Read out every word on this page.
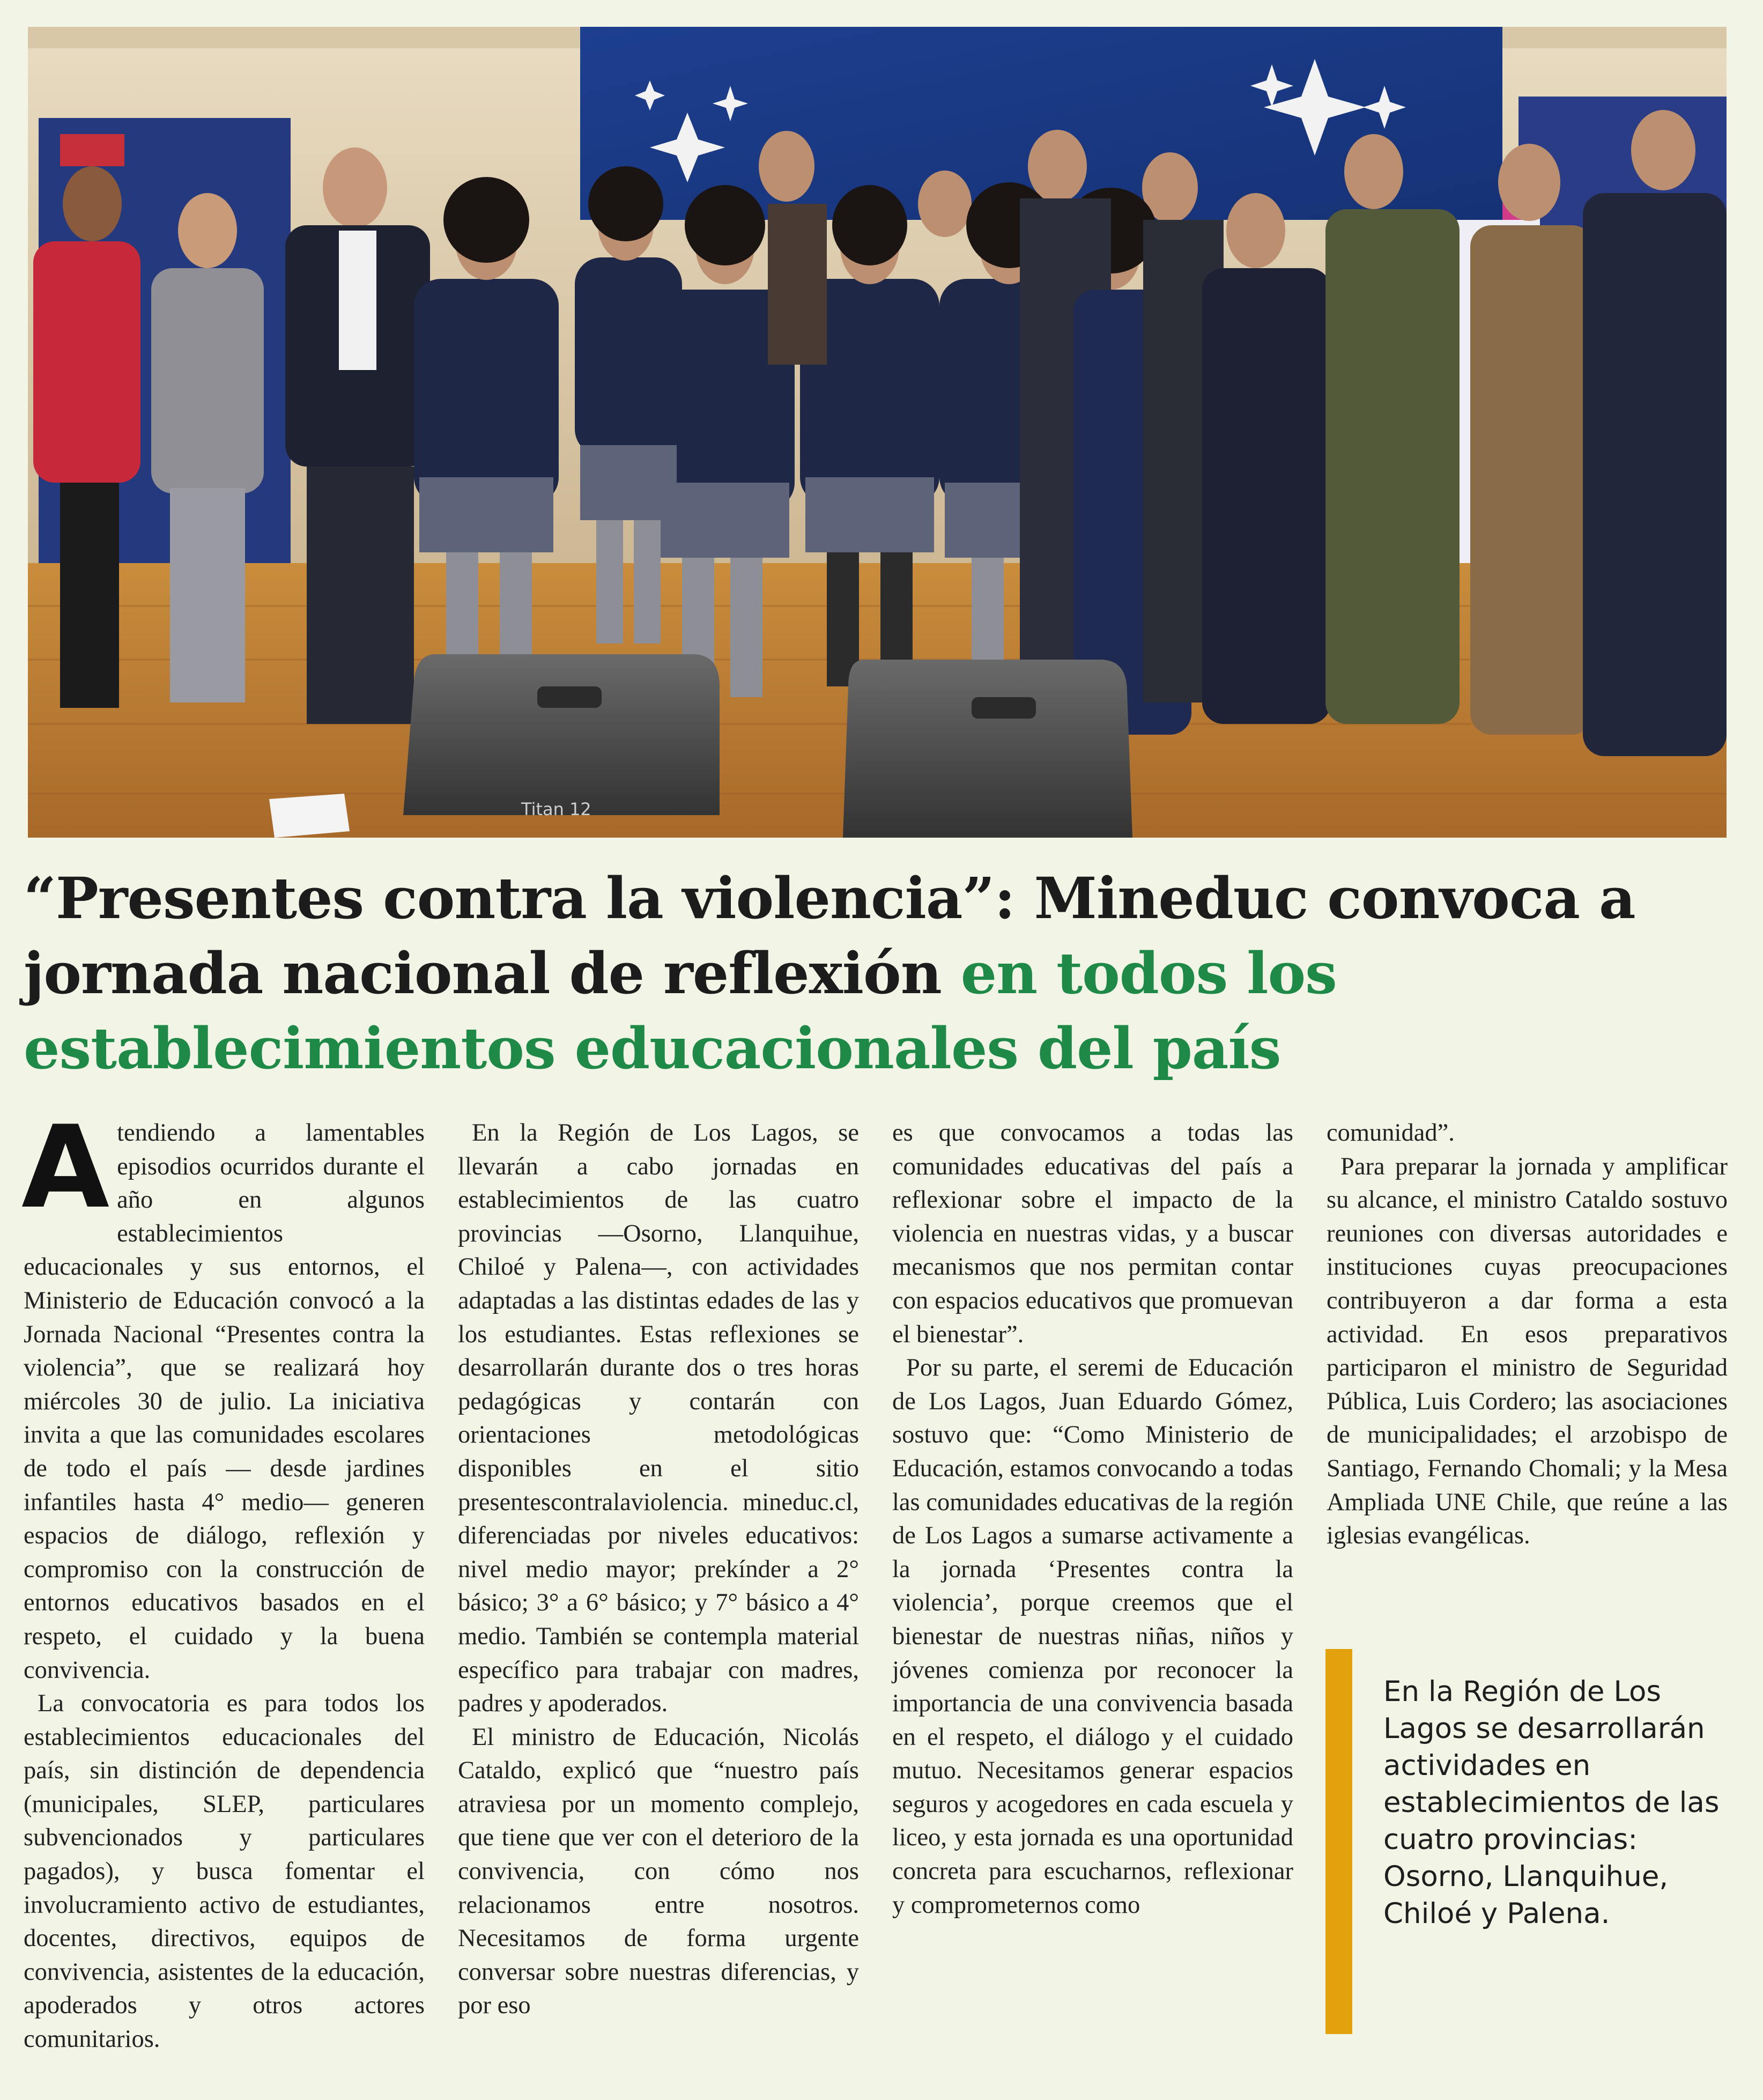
Titan 12
“Presentes contra la violencia”: Mineduc convoca a jornada nacional de reflexión en todos los establecimientos educacionales del país

Atendiendo a lamentables episodios ocurridos durante el año en algunos establecimientos educacionales y sus entornos, el Ministerio de Educación convocó a la Jornada Nacional “Presentes contra la violencia”, que se realizará hoy miércoles 30 de julio. La iniciativa invita a que las comunidades escolares de todo el país — desde jardines infantiles hasta 4° medio— generen espacios de diálogo, reflexión y compromiso con la construcción de entornos educativos basados en el respeto, el cuidado y la buena convivencia.

La convocatoria es para todos los establecimientos educacionales del país, sin distinción de dependencia (municipales, SLEP, particulares subvencionados y particulares pagados), y busca fomentar el involucramiento activo de estudiantes, docentes, directivos, equipos de convivencia, asistentes de la educación, apoderados y otros actores comunitarios.

En la Región de Los Lagos, se llevarán a cabo jornadas en establecimientos de las cuatro provincias —Osorno, Llanquihue, Chiloé y Palena—, con actividades adaptadas a las distintas edades de las y los estudiantes. Estas reflexiones se desarrollarán durante dos o tres horas pedagógicas y contarán con orientaciones metodológicas disponibles en el sitio presentescontralaviolencia. mineduc.cl, diferenciadas por niveles educativos: nivel medio mayor; prekínder a 2° básico; 3° a 6° básico; y 7° básico a 4° medio. También se contempla material específico para trabajar con madres, padres y apoderados.

El ministro de Educación, Nicolás Cataldo, explicó que “nuestro país atraviesa por un momento complejo, que tiene que ver con el deterioro de la convivencia, con cómo nos relacionamos entre nosotros. Necesitamos de forma urgente conversar sobre nuestras diferencias, y por eso

es que convocamos a todas las comunidades educativas del país a reflexionar sobre el impacto de la violencia en nuestras vidas, y a buscar mecanismos que nos permitan contar con espacios educativos que promuevan el bienestar”.

Por su parte, el seremi de Educación de Los Lagos, Juan Eduardo Gómez, sostuvo que: “Como Ministerio de Educación, estamos convocando a todas las comunidades educativas de la región de Los Lagos a sumarse activamente a la jornada ‘Presentes contra la violencia’, porque creemos que el bienestar de nuestras niñas, niños y jóvenes comienza por reconocer la importancia de una convivencia basada en el respeto, el diálogo y el cuidado mutuo. Necesitamos generar espacios seguros y acogedores en cada escuela y liceo, y esta jornada es una oportunidad concreta para escucharnos, reflexionar y comprometernos como

comunidad”.

Para preparar la jornada y amplificar su alcance, el ministro Cataldo sostuvo reuniones con diversas autoridades e instituciones cuyas preocupaciones contribuyeron a dar forma a esta actividad. En esos preparativos participaron el ministro de Seguridad Pública, Luis Cordero; las asociaciones de municipalidades; el arzobispo de Santiago, Fernando Chomali; y la Mesa Ampliada UNE Chile, que reúne a las iglesias evangélicas.

En la Región de Los Lagos se desarrollarán actividades en establecimientos de las cuatro provincias: Osorno, Llanquihue, Chiloé y Palena.
